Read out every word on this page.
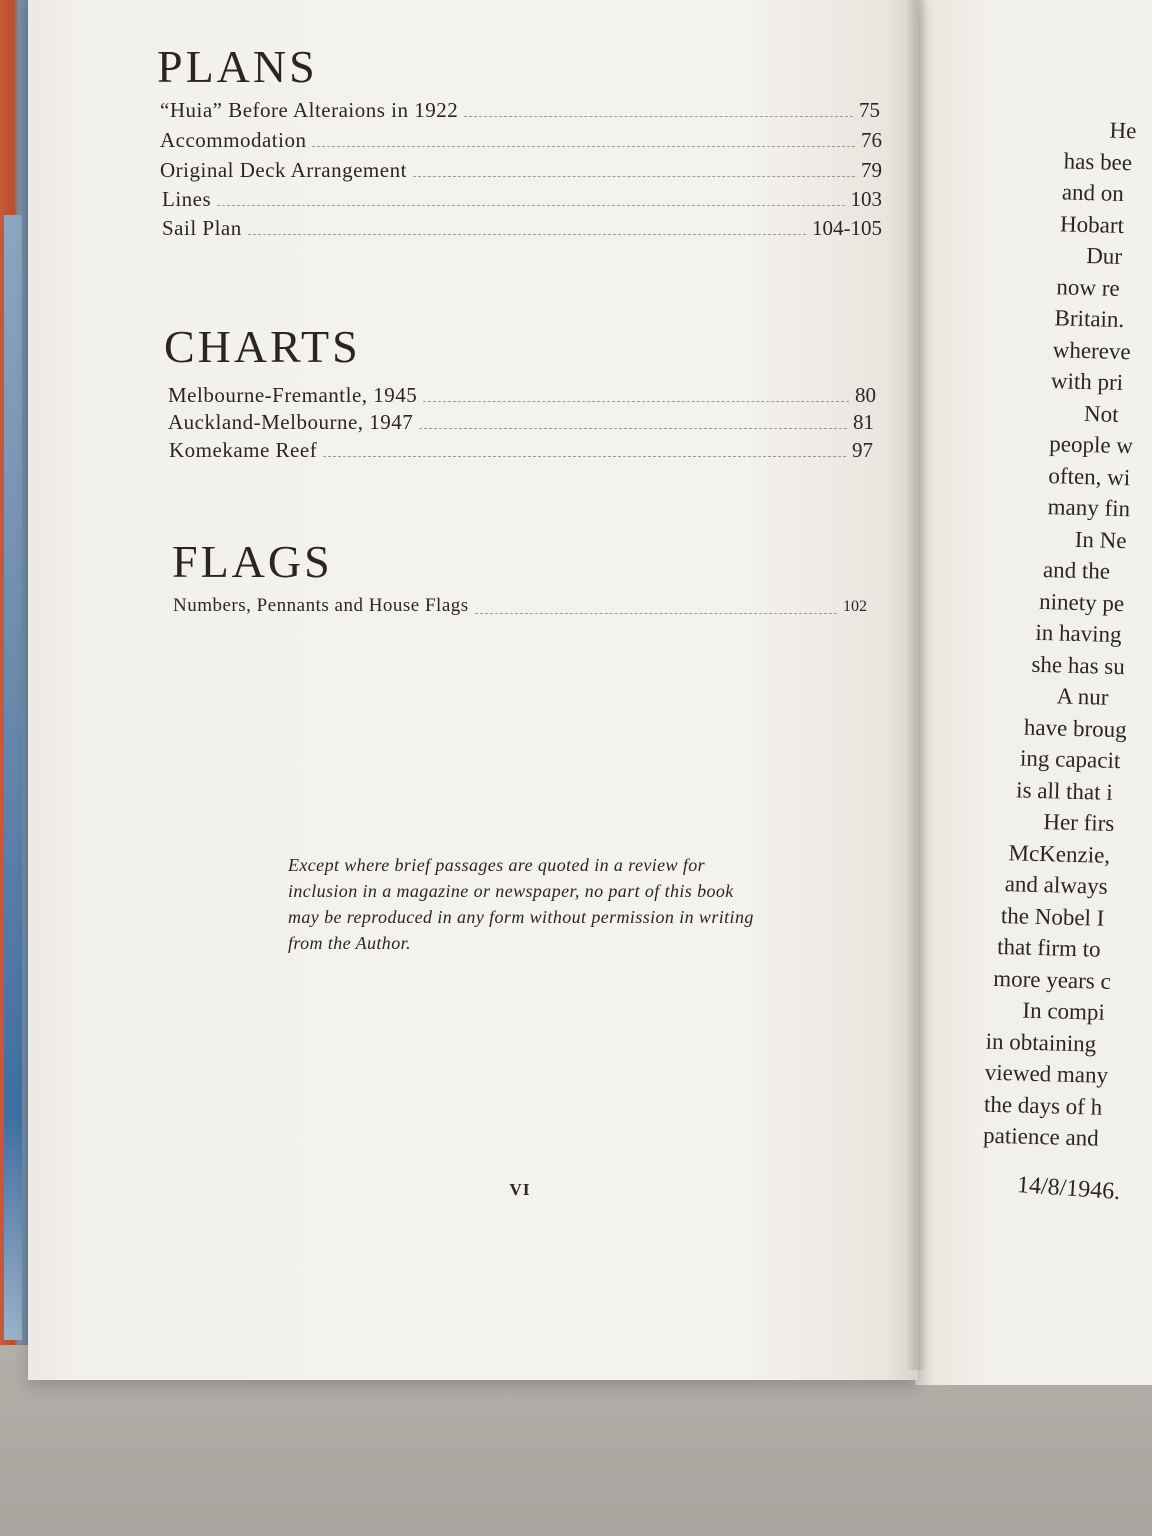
PLANS
“Huia” Before Alteraions in 1922	75
Accommodation	76
Original Deck Arrangement	79
Lines	103
Sail Plan	104-105
CHARTS
Melbourne-Fremantle, 1945	80
Auckland-Melbourne, 1947	81
Komekame Reef	97
FLAGS
Numbers, Pennants and House Flags	102

Except where brief passages are quoted in a review for inclusion in a magazine or newspaper, no part of this book may be reproduced in any form without permission in writing from the Author.

VI
He
has bee
and on
Hobart
Dur
now re
Britain.
whereve
with pri
Not
people w
often, wi
many fin
In Ne
and the
ninety pe
in having
she has su
A nur
have broug
ing capacit
is all that i
Her firs
McKenzie,
and always
the Nobel I
that firm to
more years c
In compi
in obtaining
viewed many
the days of h
patience and
14/8/1946.
